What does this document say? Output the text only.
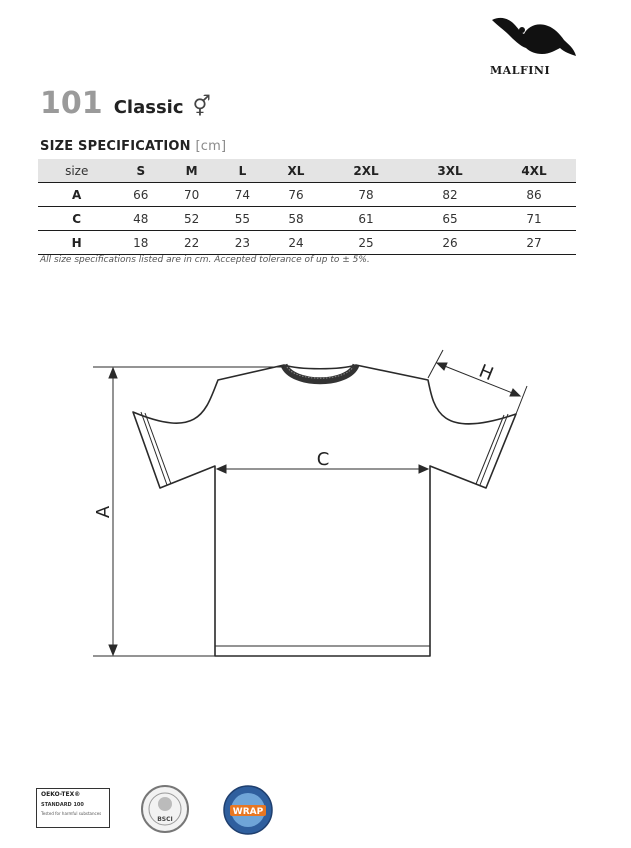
MALFINI
101 Classic ⚥
SIZE SPECIFICATION [cm]
size	S	M	L	XL	2XL	3XL	4XL
A	66	70	74	76	78	82	86
C	48	52	55	58	61	65	71
H	18	22	23	24	25	26	27
All size specifications listed are in cm. Accepted tolerance of up to ± 5%.
A
C
H
OEKO-TEX®
STANDARD 100
Tested for harmful substances
BSCI
WRAP
